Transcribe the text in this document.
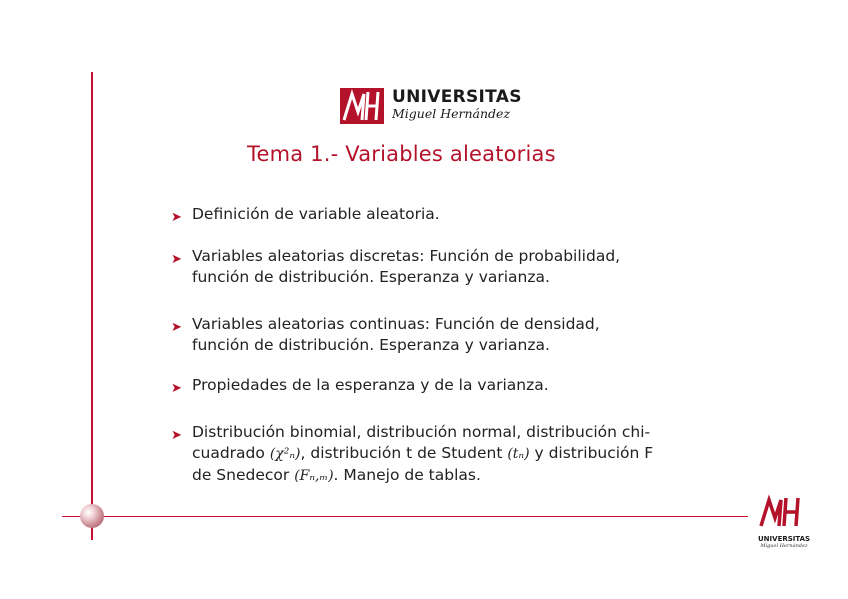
UNIVERSITAS
Miguel Hernández
Tema 1.- Variables aleatorias
➤ Definición de variable aleatoria.
➤ Variables aleatorias discretas: Función de probabilidad,
función de distribución. Esperanza y varianza.
➤ Variables aleatorias continuas: Función de densidad,
función de distribución. Esperanza y varianza.
➤ Propiedades de la esperanza y de la varianza.
➤ Distribución binomial, distribución normal, distribución chi-
cuadrado (χ²ₙ), distribución t de Student (tₙ) y distribución F
de Snedecor (Fₙ,ₘ). Manejo de tablas.
UNIVERSITAS
Miguel Hernández
